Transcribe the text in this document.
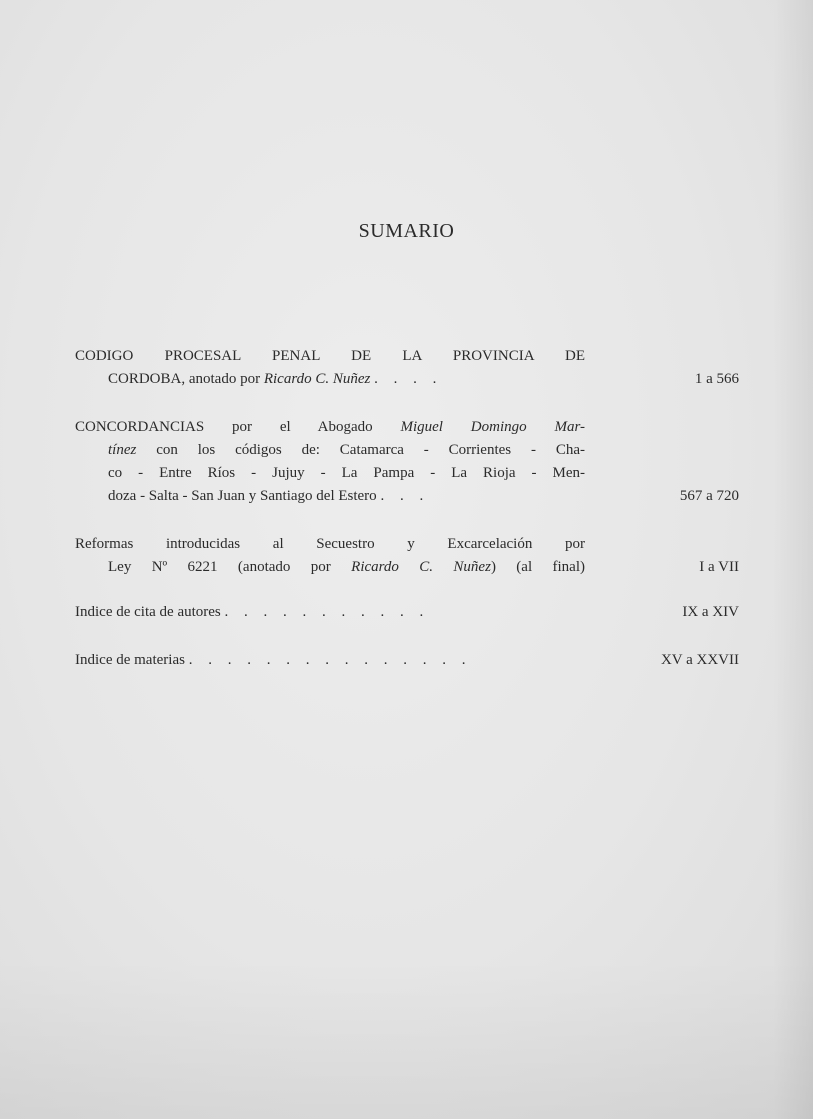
SUMARIO
CODIGO PROCESAL PENAL DE LA PROVINCIA DE
CORDOBA, anotado por Ricardo C. Nuñez . . . .	1 a 566
CONCORDANCIAS por el Abogado Miguel Domingo Mar-
tínez con los códigos de: Catamarca - Corrientes - Cha-
co - Entre Ríos - Jujuy - La Pampa - La Rioja - Men-
doza - Salta - San Juan y Santiago del Estero . . .	567 a 720
Reformas introducidas al Secuestro y Excarcelación por
Ley Nº 6221 (anotado por Ricardo C. Nuñez) (al final)	I a VII
Indice de cita de autores . . . . . . . . . . .	IX a XIV
Indice de materias . . . . . . . . . . . . . . .	XV a XXVII
